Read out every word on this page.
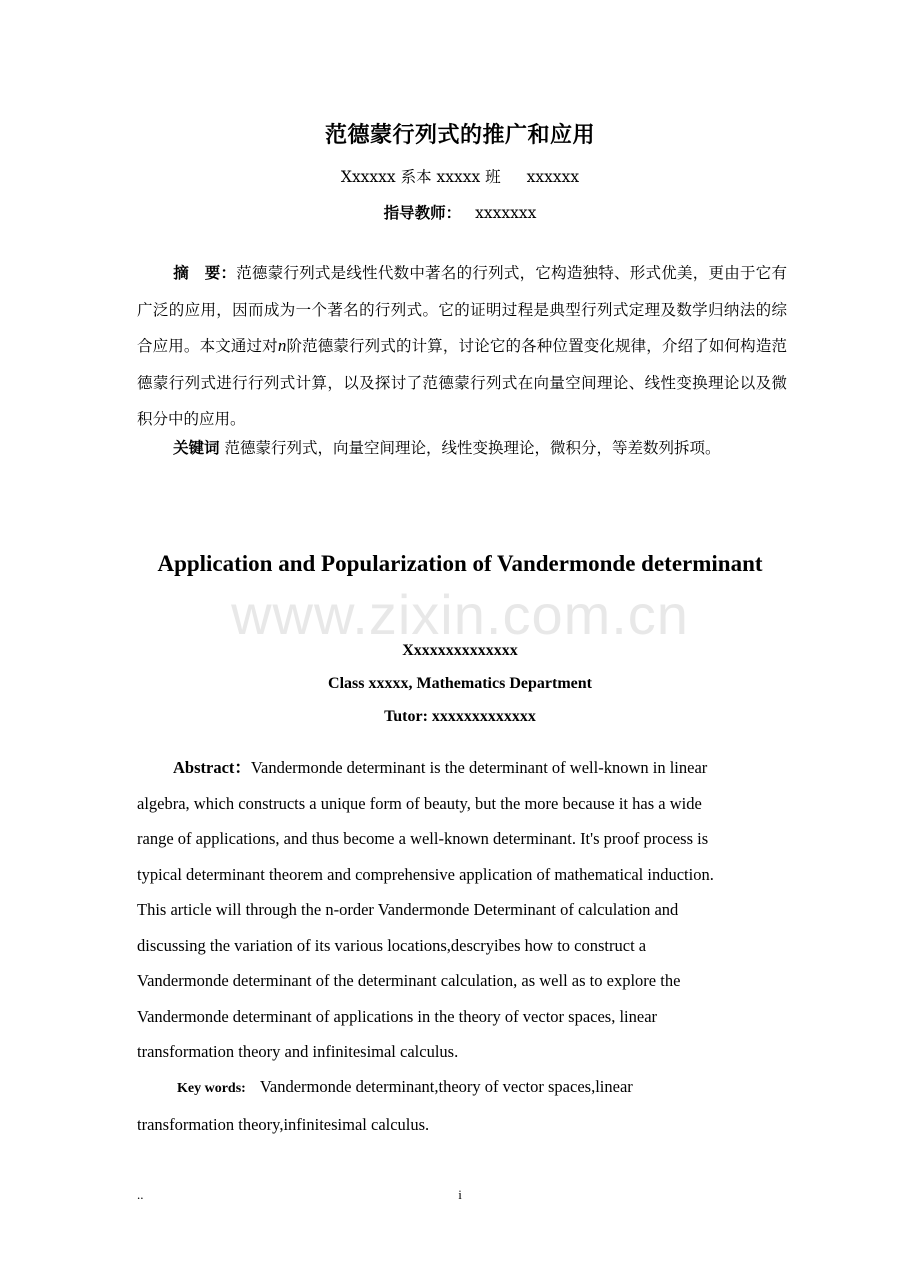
范德蒙行列式的推广和应用
Xxxxxx 系本 xxxxx 班 xxxxxx
指导教师： xxxxxxx
摘　要：范德蒙行列式是线性代数中著名的行列式，它构造独特、形式优美，更由于它有广泛的应用，因而成为一个著名的行列式。它的证明过程是典型行列式定理及数学归纳法的综合应用。本文通过对n阶范德蒙行列式的计算，讨论它的各种位置变化规律，介绍了如何构造范德蒙行列式进行行列式计算，以及探讨了范德蒙行列式在向量空间理论、线性变换理论以及微积分中的应用。
关键词 范德蒙行列式，向量空间理论，线性变换理论，微积分，等差数列拆项。
Application and Popularization of Vandermonde determinant
www.zixin.com.cn
Xxxxxxxxxxxxxx
Class xxxxx, Mathematics Department
Tutor: xxxxxxxxxxxxx
Abstract：Vandermonde determinant is the determinant of well-known in linear
algebra, which constructs a unique form of beauty, but the more because it has a wide
range of applications, and thus become a well-known determinant. It's proof process is
typical determinant theorem and comprehensive application of mathematical induction.
This article will through the n-order Vandermonde Determinant of calculation and
discussing the variation of its various locations,descryibes how to construct a
Vandermonde determinant of the determinant calculation, as well as to explore the
Vandermonde determinant of applications in the theory of vector spaces, linear
transformation theory and infinitesimal calculus.
Key words: Vandermonde determinant,theory of vector spaces,linear
transformation theory,infinitesimal calculus.
..	i
